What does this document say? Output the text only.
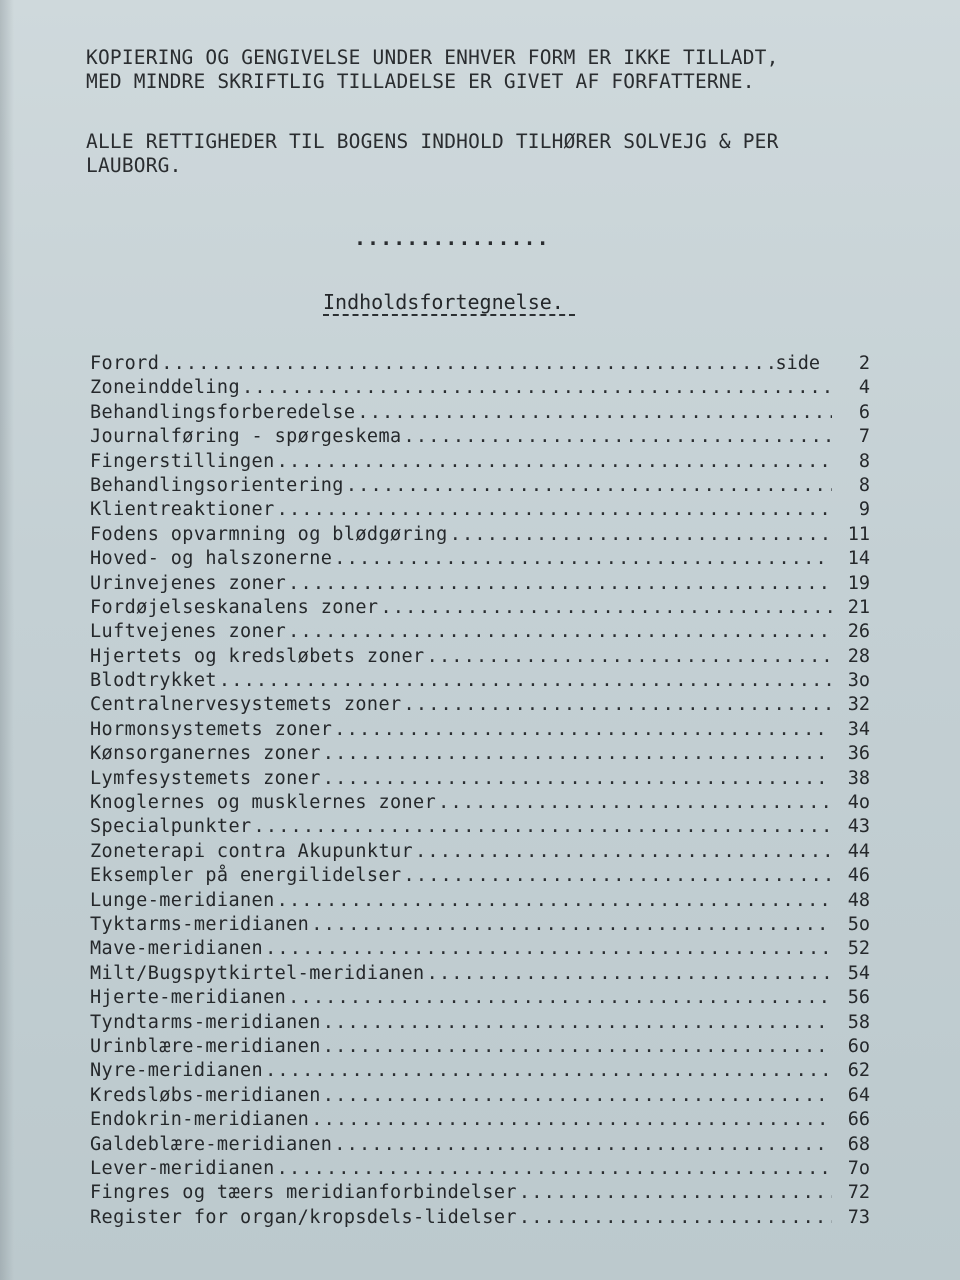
KOPIERING OG GENGIVELSE UNDER ENHVER FORM ER IKKE TILLADT,
MED MINDRE SKRIFTLIG TILLADELSE ER GIVET AF FORFATTERNE.
ALLE RETTIGHEDER TIL BOGENS INDHOLD TILHØRER SOLVEJG & PER
LAUBORG.
...............
Indholdsfortegnelse.
Forord .....	side	2
Zoneinddeling .....	4
Behandlingsforberedelse .....	6
Journalføring - spørgeskema .....	7
Fingerstillingen .....	8
Behandlingsorientering .....	8
Klientreaktioner .....	9
Fodens opvarmning og blødgøring .....	11
Hoved- og halszonerne .....	14
Urinvejenes zoner .....	19
Fordøjelseskanalens zoner .....	21
Luftvejenes zoner .....	26
Hjertets og kredsløbets zoner .....	28
Blodtrykket .....	3o
Centralnervesystemets zoner .....	32
Hormonsystemets zoner .....	34
Kønsorganernes zoner .....	36
Lymfesystemets zoner .....	38
Knoglernes og musklernes zoner .....	4o
Specialpunkter .....	43
Zoneterapi contra Akupunktur .....	44
Eksempler på energilidelser .....	46
Lunge-meridianen .....	48
Tyktarms-meridianen .....	5o
Mave-meridianen .....	52
Milt/Bugspytkirtel-meridianen .....	54
Hjerte-meridianen .....	56
Tyndtarms-meridianen .....	58
Urinblære-meridianen .....	6o
Nyre-meridianen .....	62
Kredsløbs-meridianen .....	64
Endokrin-meridianen .....	66
Galdeblære-meridianen .....	68
Lever-meridianen .....	7o
Fingres og tæers meridianforbindelser .....	72
Register for organ/kropsdels-lidelser .....	73
